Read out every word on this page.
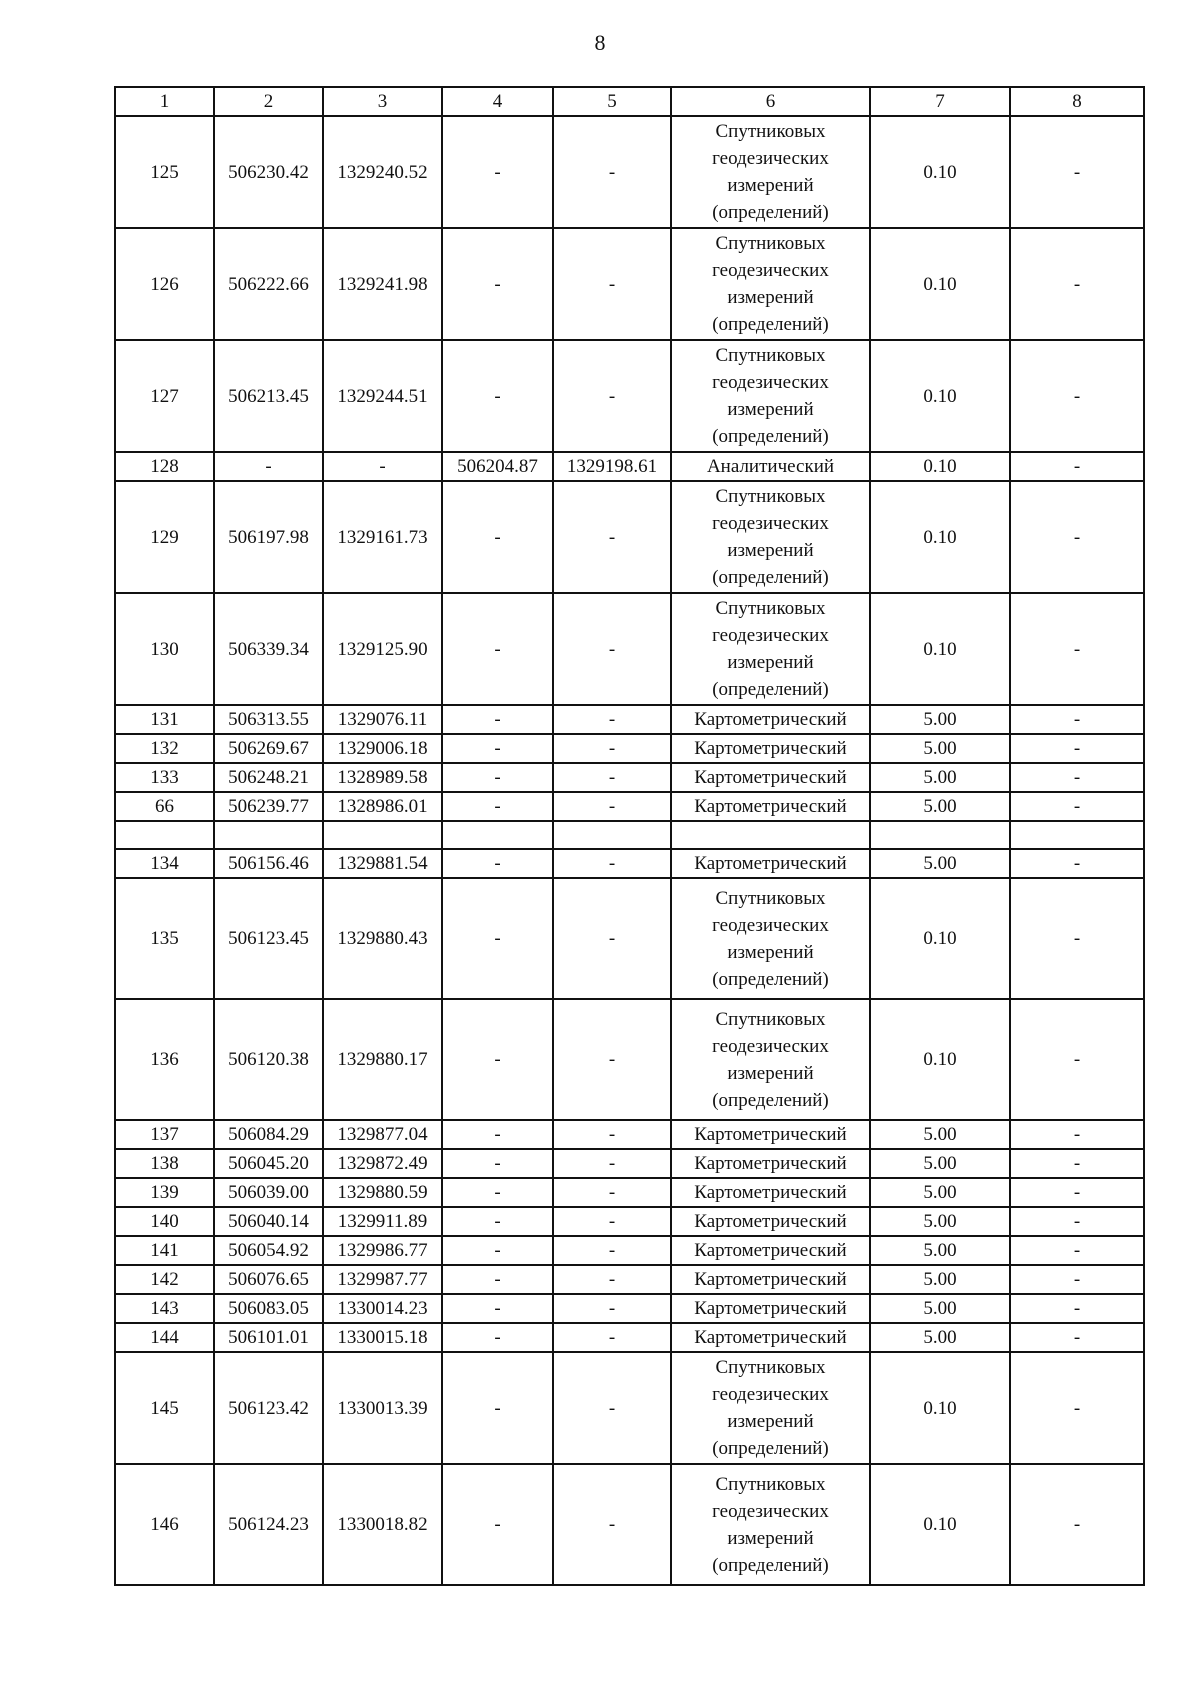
8
1	2	3	4	5	6	7	8
125	506230.42	1329240.52	-	-	Спутниковых геодезических измерений (определений)	0.10	-
126	506222.66	1329241.98	-	-	Спутниковых геодезических измерений (определений)	0.10	-
127	506213.45	1329244.51	-	-	Спутниковых геодезических измерений (определений)	0.10	-
128	-	-	506204.87	1329198.61	Аналитический	0.10	-
129	506197.98	1329161.73	-	-	Спутниковых геодезических измерений (определений)	0.10	-
130	506339.34	1329125.90	-	-	Спутниковых геодезических измерений (определений)	0.10	-
131	506313.55	1329076.11	-	-	Картометрический	5.00	-
132	506269.67	1329006.18	-	-	Картометрический	5.00	-
133	506248.21	1328989.58	-	-	Картометрический	5.00	-
66	506239.77	1328986.01	-	-	Картометрический	5.00	-

134	506156.46	1329881.54	-	-	Картометрический	5.00	-
135	506123.45	1329880.43	-	-	Спутниковых геодезических измерений (определений)	0.10	-
136	506120.38	1329880.17	-	-	Спутниковых геодезических измерений (определений)	0.10	-
137	506084.29	1329877.04	-	-	Картометрический	5.00	-
138	506045.20	1329872.49	-	-	Картометрический	5.00	-
139	506039.00	1329880.59	-	-	Картометрический	5.00	-
140	506040.14	1329911.89	-	-	Картометрический	5.00	-
141	506054.92	1329986.77	-	-	Картометрический	5.00	-
142	506076.65	1329987.77	-	-	Картометрический	5.00	-
143	506083.05	1330014.23	-	-	Картометрический	5.00	-
144	506101.01	1330015.18	-	-	Картометрический	5.00	-
145	506123.42	1330013.39	-	-	Спутниковых геодезических измерений (определений)	0.10	-
146	506124.23	1330018.82	-	-	Спутниковых геодезических измерений (определений)	0.10	-
